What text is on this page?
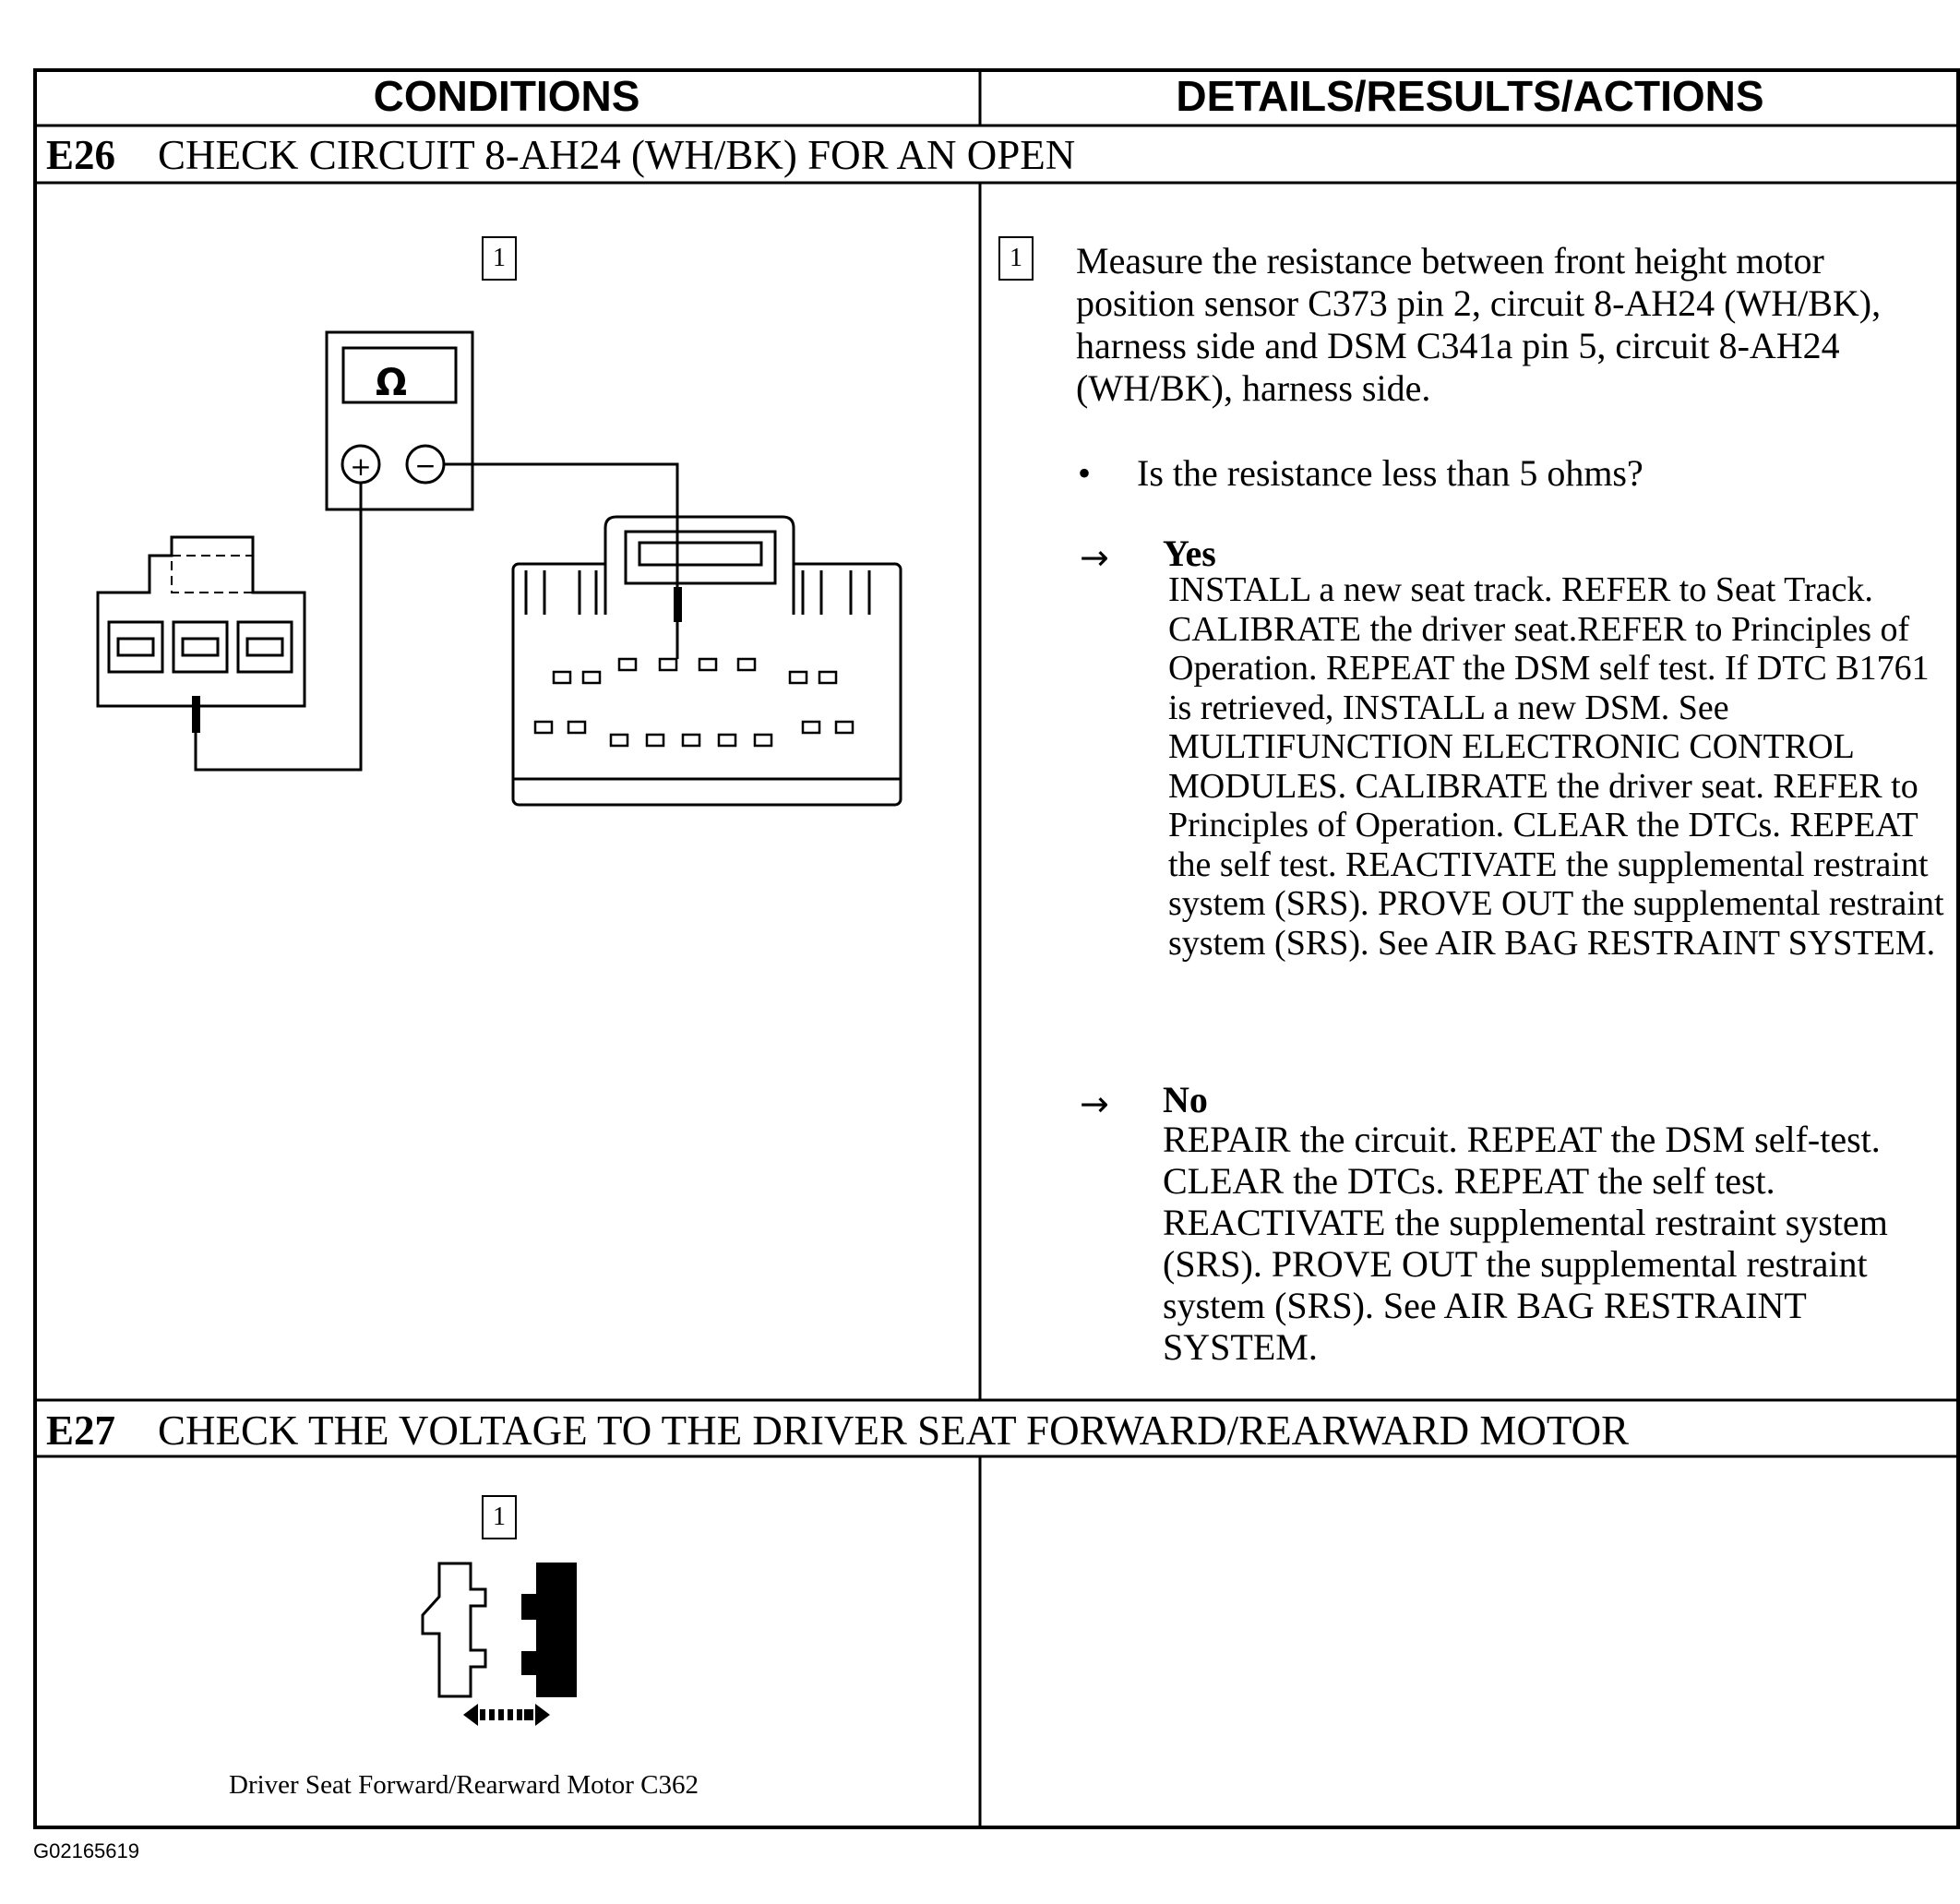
CONDITIONS	DETAILS/RESULTS/ACTIONS
E26 CHECK CIRCUIT 8-AH24 (WH/BK) FOR AN OPEN
1
Ω
+ −
1	Measure the resistance between front height motor position sensor C373 pin 2, circuit 8-AH24 (WH/BK), harness side and DSM C341a pin 5, circuit 8-AH24 (WH/BK), harness side.
• Is the resistance less than 5 ohms?
→ Yes
INSTALL a new seat track. REFER to Seat Track. CALIBRATE the driver seat.REFER to Principles of Operation. REPEAT the DSM self test. If DTC B1761 is retrieved, INSTALL a new DSM. See MULTIFUNCTION ELECTRONIC CONTROL MODULES. CALIBRATE the driver seat. REFER to Principles of Operation. CLEAR the DTCs. REPEAT the self test. REACTIVATE the supplemental restraint system (SRS). PROVE OUT the supplemental restraint system (SRS). See AIR BAG RESTRAINT SYSTEM.
→ No
REPAIR the circuit. REPEAT the DSM self-test. CLEAR the DTCs. REPEAT the self test. REACTIVATE the supplemental restraint system (SRS). PROVE OUT the supplemental restraint system (SRS). See AIR BAG RESTRAINT SYSTEM.
E27 CHECK THE VOLTAGE TO THE DRIVER SEAT FORWARD/REARWARD MOTOR
1
Driver Seat Forward/Rearward Motor C362
G02165619
